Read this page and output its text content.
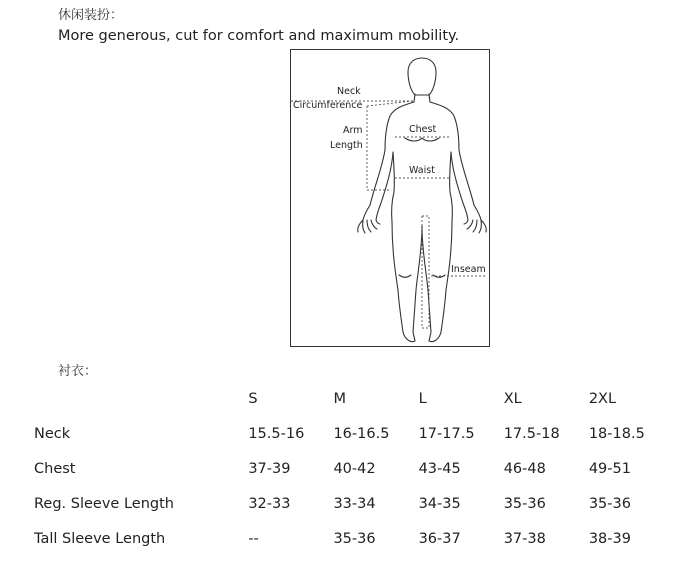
休闲装扮：
More generous, cut for comfort and maximum mobility.
Neck
Circumference
Arm
Length
Chest
Waist
Inseam
衬衣：
	S	M	L	XL	2XL
Neck	15.5-16	16-16.5	17-17.5	17.5-18	18-18.5
Chest	37-39	40-42	43-45	46-48	49-51
Reg. Sleeve Length	32-33	33-34	34-35	35-36	35-36
Tall Sleeve Length	--	35-36	36-37	37-38	38-39
